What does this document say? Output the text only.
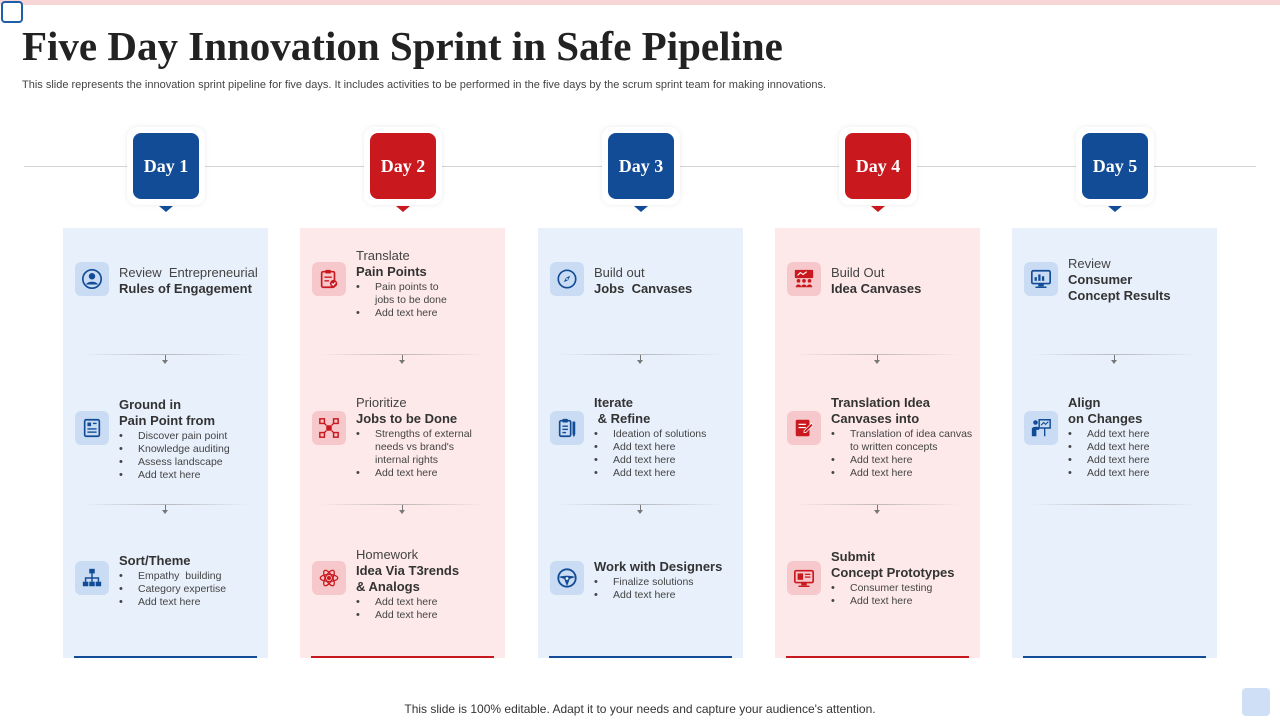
Five Day Innovation Sprint in Safe Pipeline

This slide represents the innovation sprint pipeline for five days. It includes activities to be performed in the five days by the scrum sprint team for making innovations.

Day 1	Day 2	Day 3	Day 4	Day 5
Review  Entrepreneurial
Rules of Engagement
Ground in
Pain Point from
• Discover pain point
• Knowledge auditing
• Assess landscape
• Add text here
Sort/Theme
• Empathy  building
• Category expertise
• Add text here
Translate
Pain Points
• Pain points to
jobs to be done
• Add text here
Prioritize
Jobs to be Done
• Strengths of external
needs vs brand's
internal rights
• Add text here
Homework
Idea Via T3rends
& Analogs
• Add text here
• Add text here
Build out
Jobs  Canvases
Iterate
& Refine
• Ideation of solutions
• Add text here
• Add text here
• Add text here
Work with Designers
• Finalize solutions
• Add text here
Build Out
Idea Canvases
Translation Idea
Canvases into
• Translation of idea canvas
to written concepts
• Add text here
• Add text here
Submit
Concept Prototypes
• Consumer testing
• Add text here
Review
Consumer
Concept Results
Align
on Changes
• Add text here
• Add text here
• Add text here
• Add text here

This slide is 100% editable. Adapt it to your needs and capture your audience's attention.
